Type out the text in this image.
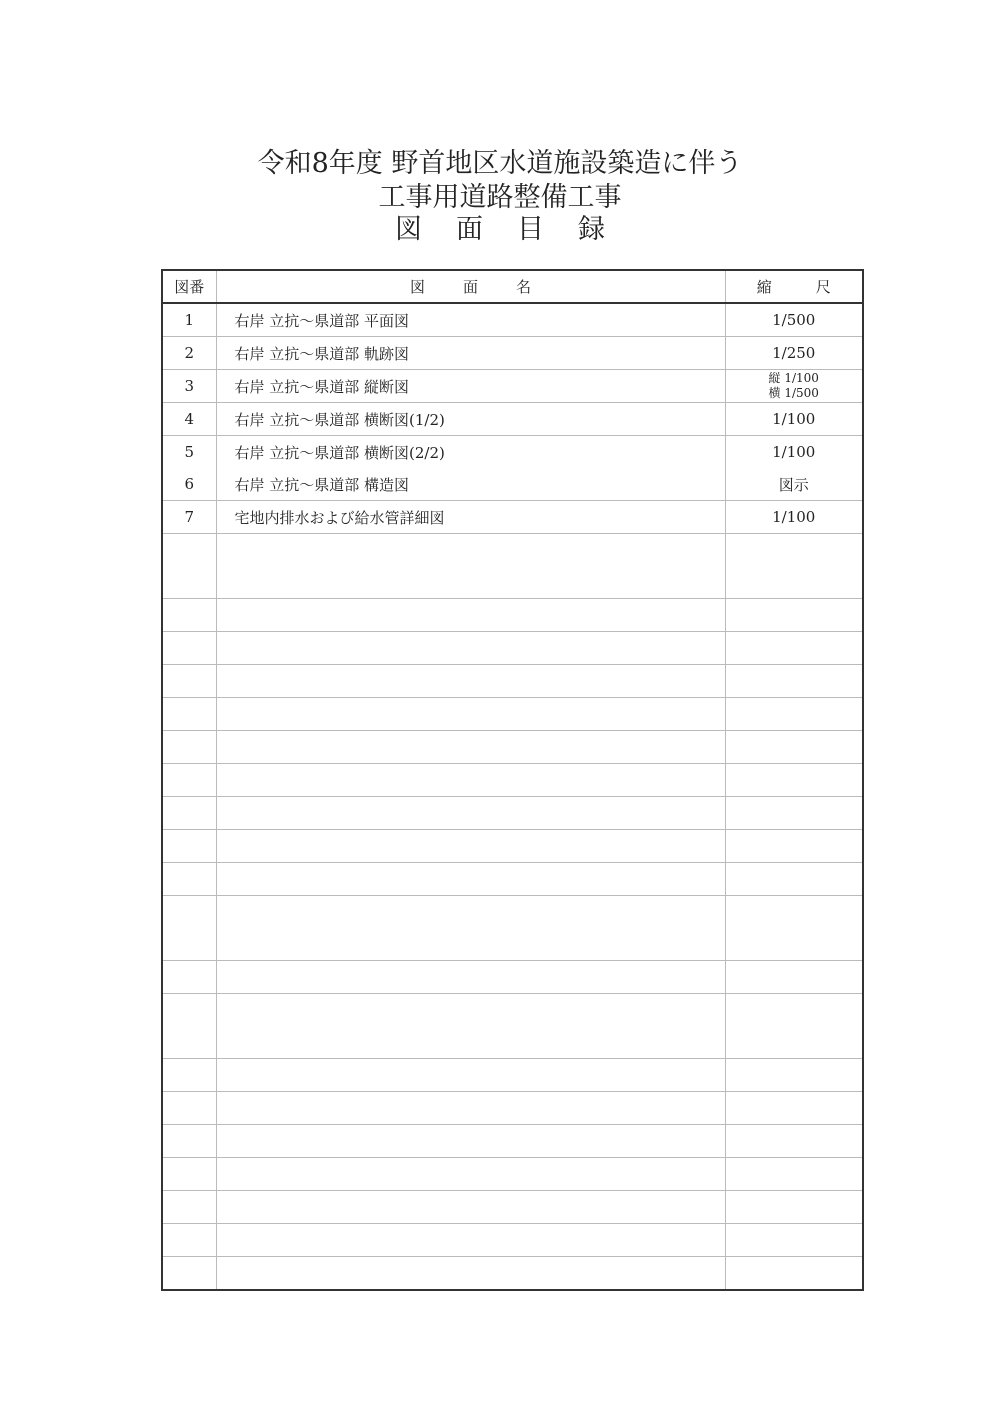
令和8年度 野首地区水道施設築造に伴う
工事用道路整備工事
図 面 目 録
図番	図 面 名	縮 尺
1	右岸 立抗～県道部 平面図	1/500
2	右岸 立抗～県道部 軌跡図	1/250
3	右岸 立抗～県道部 縦断図	縦 1/100
横 1/500

4	右岸 立抗～県道部 横断図(1/2)	1/100
5	右岸 立抗～県道部 横断図(2/2)	1/100
6	右岸 立抗～県道部 構造図	図示
7	宅地内排水および給水管詳細図	1/100
